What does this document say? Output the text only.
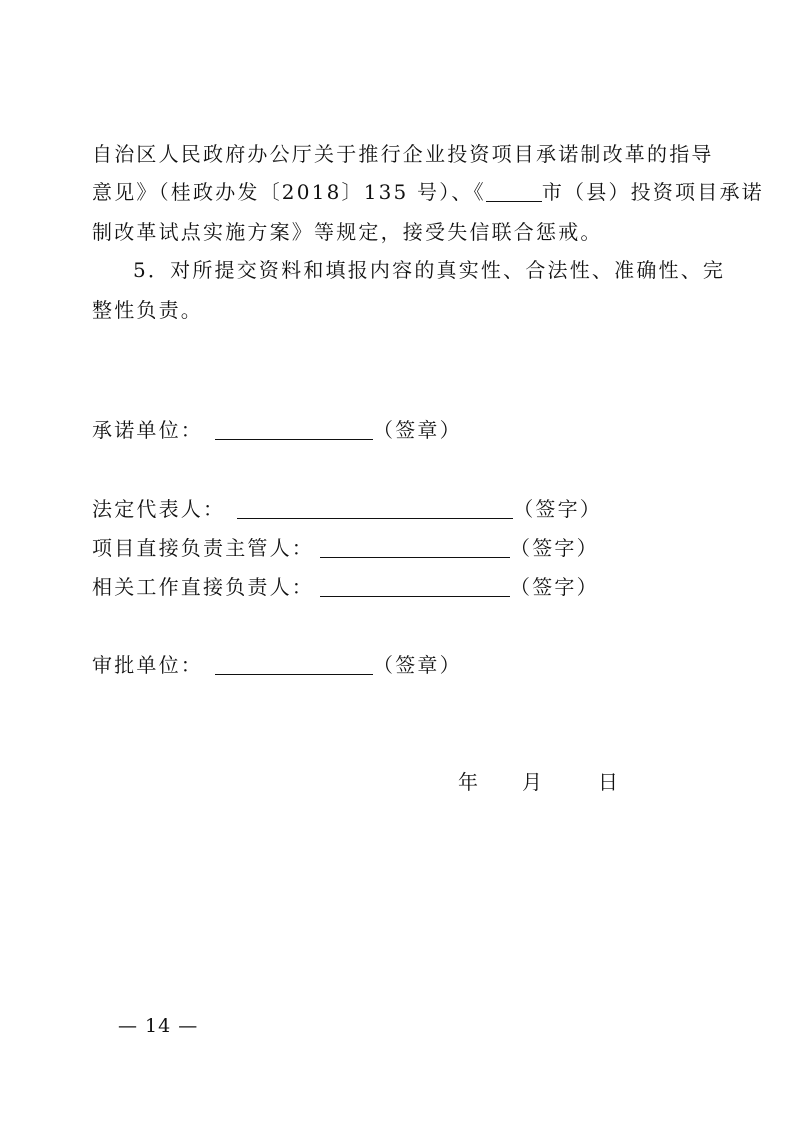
自治区人民政府办公厅关于推行企业投资项目承诺制改革的指导
意见》（桂政办发〔2018〕135 号）、《	市（县）投资项目承诺
制改革试点实施方案》等规定，接受失信联合惩戒。
5．对所提交资料和填报内容的真实性、合法性、准确性、完
整性负责。
承诺单位：	（签章）
法定代表人：	（签字）
项目直接负责主管人：	（签字）
相关工作直接负责人：	（签字）
审批单位：	（签章）
年 月	日
— 14 —
